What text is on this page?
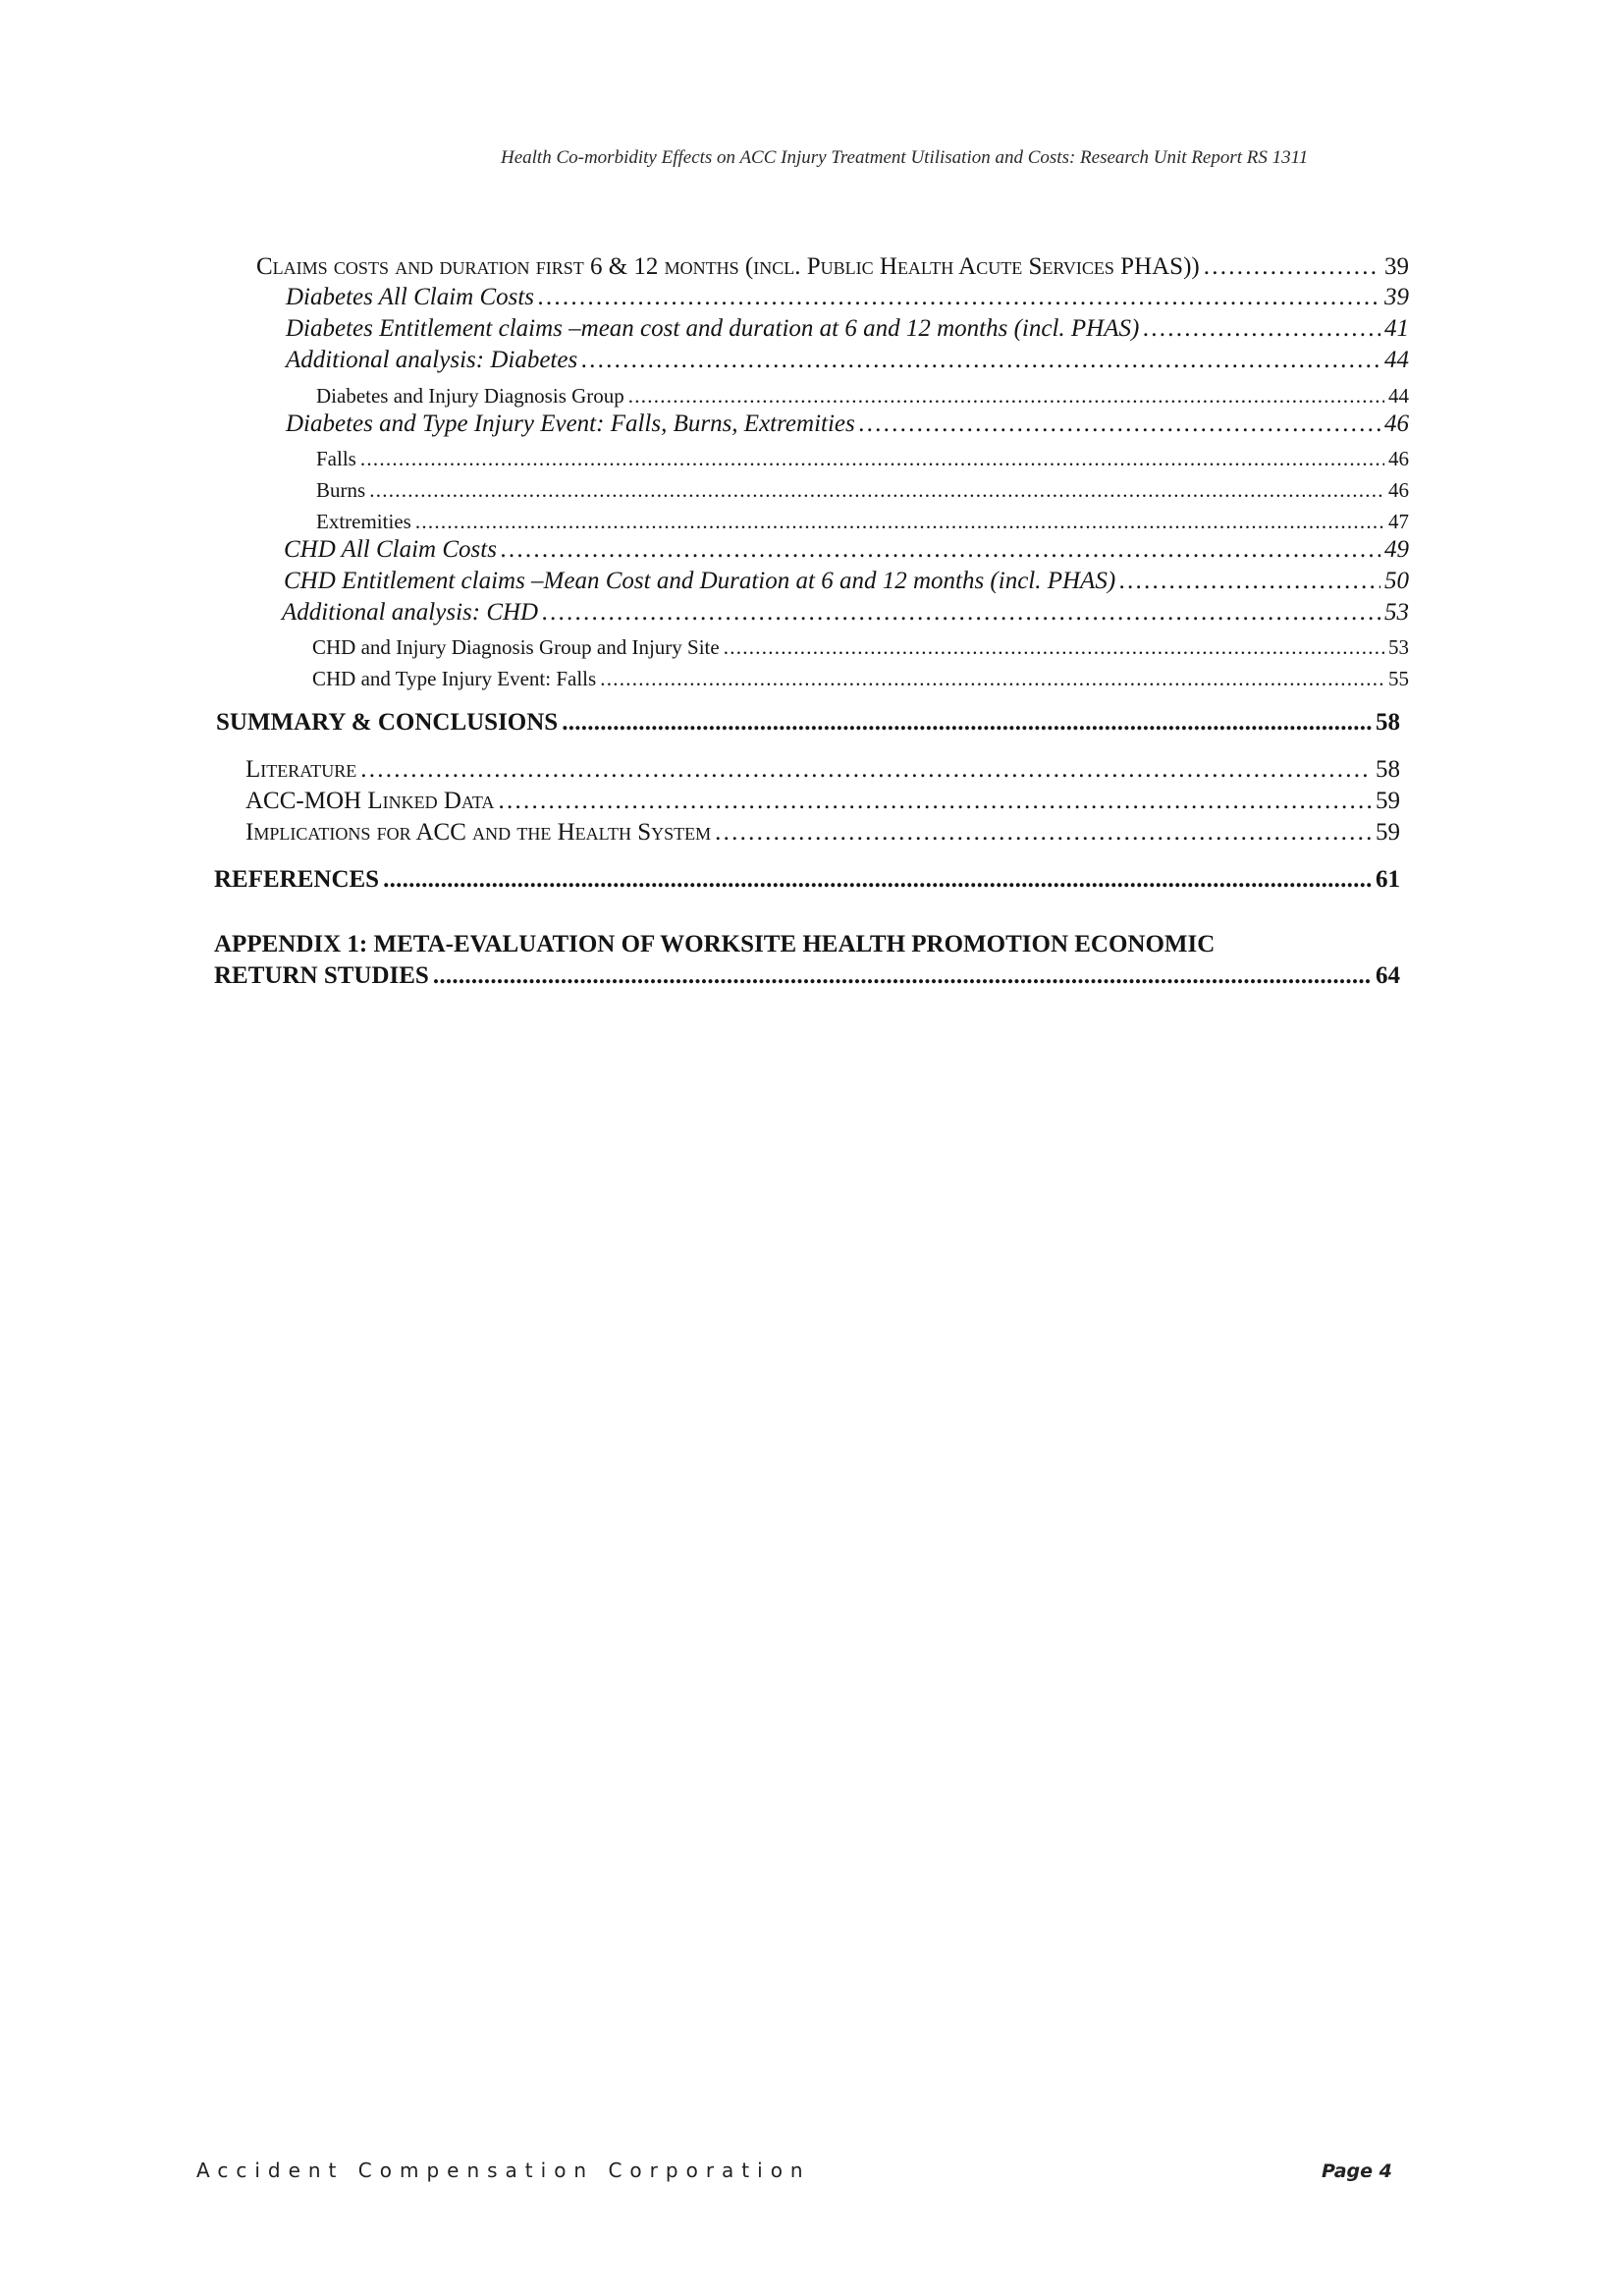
Health Co-morbidity Effects on ACC Injury Treatment Utilisation and Costs: Research Unit Report RS 1311
Claims costs and duration first 6 & 12 months (incl. Public Health Acute Services PHAS)) . . .	39
Diabetes All Claim Costs . . .	39
Diabetes Entitlement claims –mean cost and duration at 6 and 12 months (incl. PHAS) . . .	41
Additional analysis: Diabetes . . .	44
Diabetes and Injury Diagnosis Group . . .	44
Diabetes and Type Injury Event: Falls, Burns, Extremities . . .	46
Falls . . .	46
Burns . . .	46
Extremities . . .	47
CHD All Claim Costs . . .	49
CHD Entitlement claims –Mean Cost and Duration at 6 and 12 months (incl. PHAS) . . .	50
Additional analysis: CHD . . .	53
CHD and Injury Diagnosis Group and Injury Site . . .	53
CHD and Type Injury Event: Falls . . .	55
SUMMARY & CONCLUSIONS . . .	58
Literature . . .	58
ACC-MOH Linked Data . . .	59
Implications for ACC and the Health System . . .	59
REFERENCES . . .	61
APPENDIX 1: META-EVALUATION OF WORKSITE HEALTH PROMOTION ECONOMIC
RETURN STUDIES . . .	64
Accident Compensation Corporation	Page 4
